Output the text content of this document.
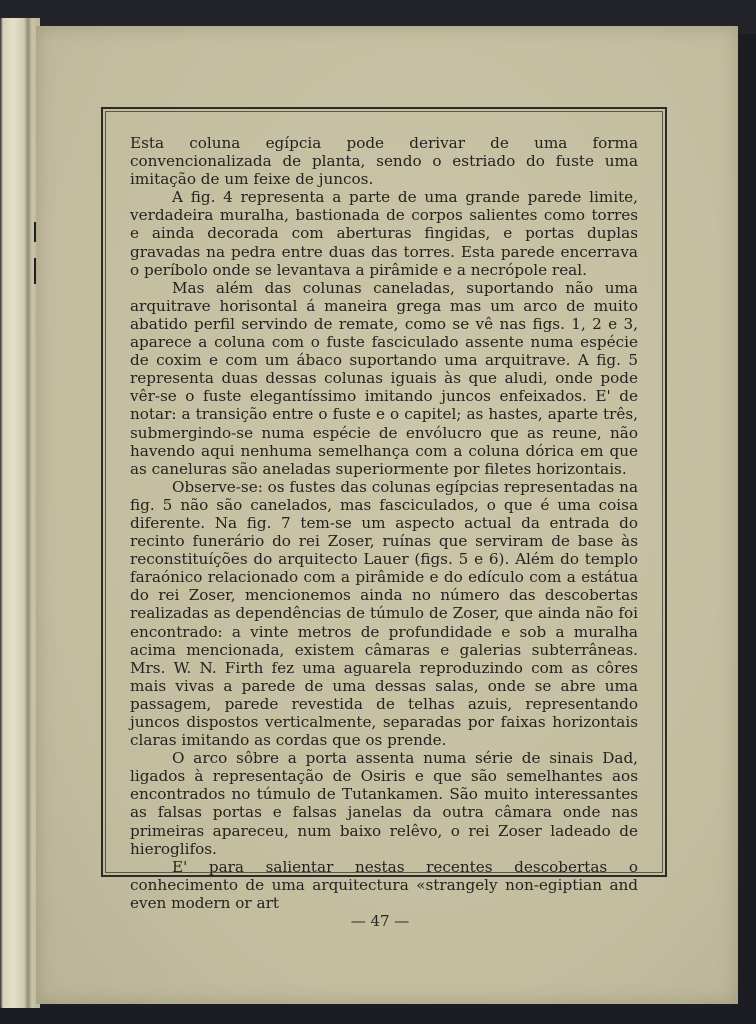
Esta coluna egípcia pode derivar de uma forma convencionalizada de planta, sendo o estriado do fuste uma imitação de um feixe de juncos.

A fig. 4 representa a parte de uma grande parede limite, verdadeira muralha, bastionada de corpos salientes como torres e ainda decorada com aberturas fingidas, e portas duplas gravadas na pedra entre duas das torres. Esta parede encerrava o períbolo onde se levantava a pirâmide e a necrópole real.

Mas além das colunas caneladas, suportando não uma arquitrave horisontal á maneira grega mas um arco de muito abatido perfil servindo de remate, como se vê nas figs. 1, 2 e 3, aparece a coluna com o fuste fasciculado assente numa espécie de coxim e com um ábaco suportando uma arquitrave. A fig. 5 representa duas dessas colunas iguais às que aludi, onde pode vêr-se o fuste elegantíssimo imitando juncos enfeixados. E' de notar: a transição entre o fuste e o capitel; as hastes, aparte três, submergindo-se numa espécie de envólucro que as reune, não havendo aqui nenhuma semelhança com a coluna dórica em que as caneluras são aneladas superiormente por filetes horizontais.

Observe-se: os fustes das colunas egípcias representadas na fig. 5 não são canelados, mas fasciculados, o que é uma coisa diferente. Na fig. 7 tem-se um aspecto actual da entrada do recinto funerário do rei Zoser, ruínas que serviram de base às reconstituíções do arquitecto Lauer (figs. 5 e 6). Além do templo faraónico relacionado com a pirâmide e do edículo com a estátua do rei Zoser, mencionemos ainda no número das descobertas realizadas as dependências de túmulo de Zoser, que ainda não foi encontrado: a vinte metros de profundidade e sob a muralha acima mencionada, existem câmaras e galerias subterrâneas. Mrs. W. N. Firth fez uma aguarela reproduzindo com as côres mais vivas a parede de uma dessas salas, onde se abre uma passagem, parede revestida de telhas azuis, representando juncos dispostos verticalmente, separadas por faixas horizontais claras imitando as cordas que os prende.

O arco sôbre a porta assenta numa série de sinais Dad, ligados à representação de Osiris e que são semelhantes aos encontrados no túmulo de Tutankamen. São muito interessantes as falsas portas e falsas janelas da outra câmara onde nas primeiras apareceu, num baixo relêvo, o rei Zoser ladeado de hieroglifos.

E' para salientar nestas recentes descobertas o conhecimento de uma arquitectura «strangely non-egiptian and even modern or art

— 47 —
